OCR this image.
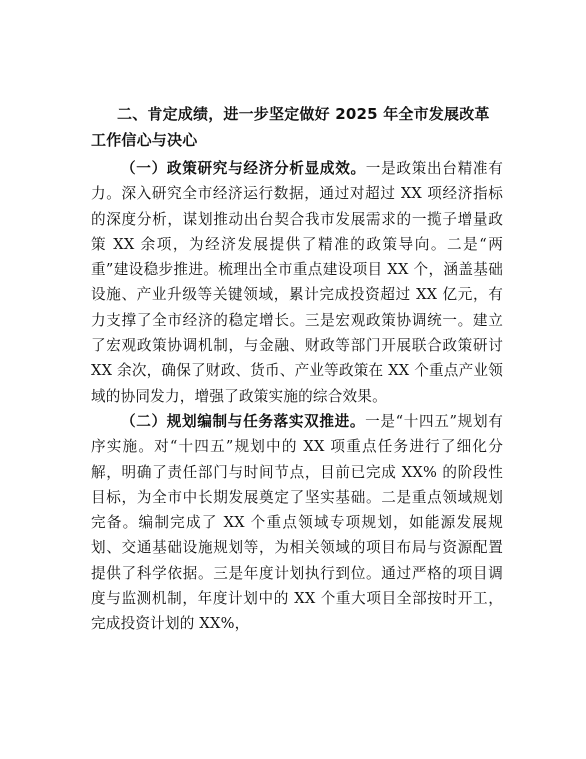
二、肯定成绩，进一步坚定做好 2025 年全市发展改革工作信心与决心

（一）政策研究与经济分析显成效。一是政策出台精准有力。深入研究全市经济运行数据，通过对超过 XX 项经济指标的深度分析，谋划推动出台契合我市发展需求的一揽子增量政策 XX 余项，为经济发展提供了精准的政策导向。二是“两重”建设稳步推进。梳理出全市重点建设项目 XX 个，涵盖基础设施、产业升级等关键领域，累计完成投资超过 XX 亿元，有力支撑了全市经济的稳定增长。三是宏观政策协调统一。建立了宏观政策协调机制，与金融、财政等部门开展联合政策研讨 XX 余次，确保了财政、货币、产业等政策在 XX 个重点产业领域的协同发力，增强了政策实施的综合效果。

（二）规划编制与任务落实双推进。一是“十四五”规划有序实施。对“十四五”规划中的 XX 项重点任务进行了细化分解，明确了责任部门与时间节点，目前已完成 XX% 的阶段性目标，为全市中长期发展奠定了坚实基础。二是重点领域规划完备。编制完成了 XX 个重点领域专项规划，如能源发展规划、交通基础设施规划等，为相关领域的项目布局与资源配置提供了科学依据。三是年度计划执行到位。通过严格的项目调度与监测机制，年度计划中的 XX 个重大项目全部按时开工，完成投资计划的 XX%，
